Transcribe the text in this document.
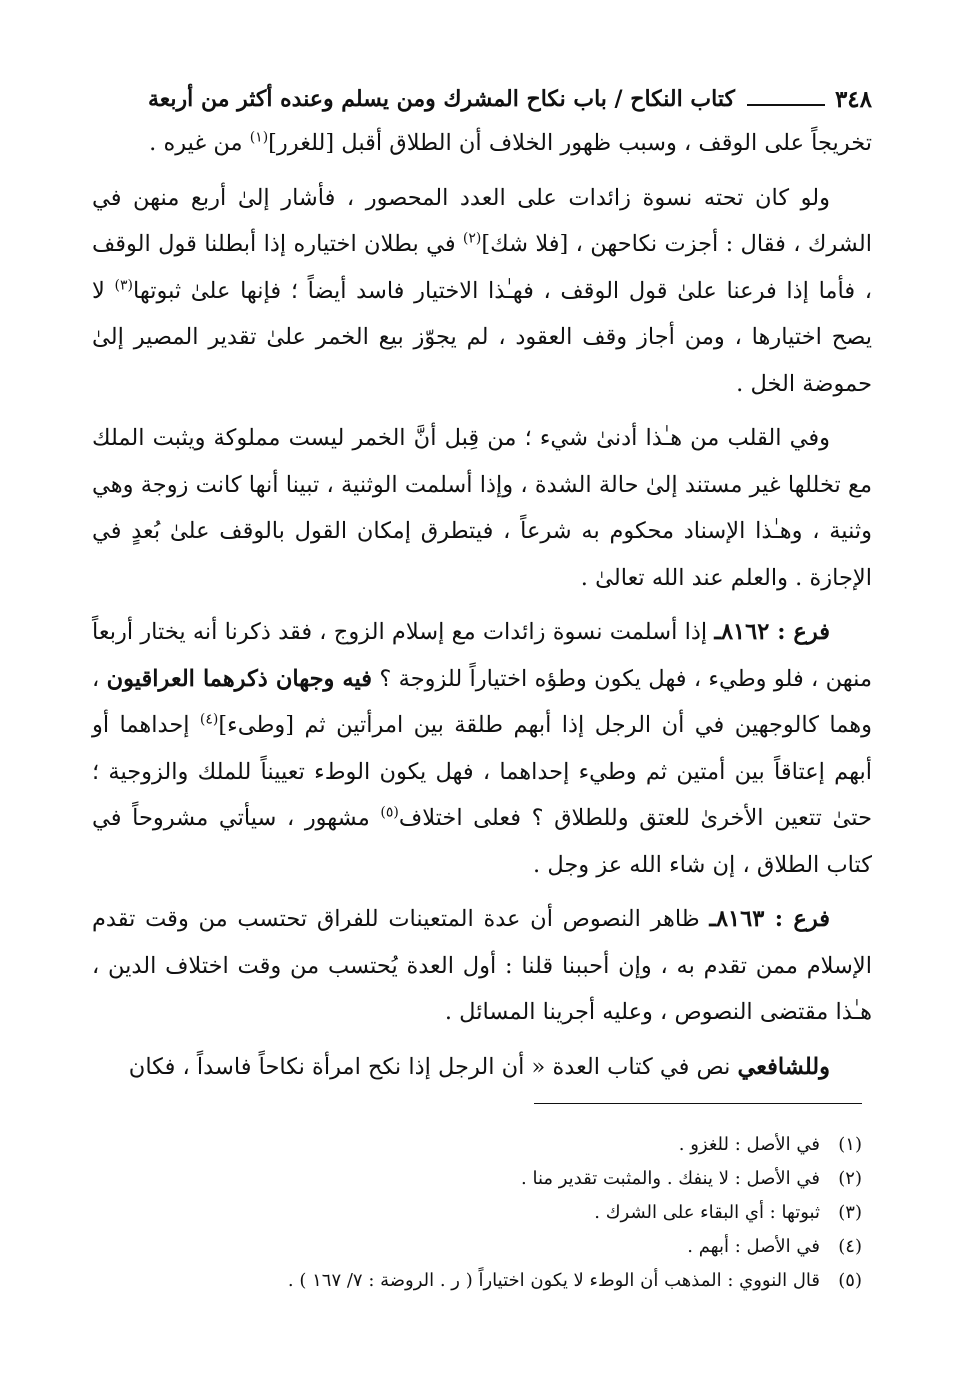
٣٤٨
كتاب النكاح / باب نكاح المشرك ومن يسلم وعنده أكثر من أربعة

تخريجاً على الوقف ، وسبب ظهور الخلاف أن الطلاق أقبل [للغرر]$^{(١)}$ من غيره .

ولو كان تحته نسوة زائدات على العدد المحصور ، فأشار إلىٰ أربع منهن في الشرك ، فقال : أجزت نكاحهن ، [فلا شك]$^{(٢)}$ في بطلان اختياره إذا أبطلنا قول الوقف ، فأما إذا فرعنا علىٰ قول الوقف ، فهـٰذا الاختيار فاسد أيضاً ؛ فإنها علىٰ ثبوتها$^{(٣)}$ لا يصح اختيارها ، ومن أجاز وقف العقود ، لم يجوّز بيع الخمر علىٰ تقدير المصير إلىٰ حموضة الخل .

وفي القلب من هـٰذا أدنىٰ شيء ؛ من قِبل أنَّ الخمر ليست مملوكة ويثبت الملك مع تخللها غير مستند إلىٰ حالة الشدة ، وإذا أسلمت الوثنية ، تبينا أنها كانت زوجة وهي وثنية ، وهـٰذا الإسناد محكوم به شرعاً ، فيتطرق إمكان القول بالوقف علىٰ بُعدٍ في الإجازة . والعلم عند الله تعالىٰ .

فرع : ٨١٦٢ـ إذا أسلمت نسوة زائدات مع إسلام الزوج ، فقد ذكرنا أنه يختار أربعاً منهن ، فلو وطيء ، فهل يكون وطؤه اختياراً للزوجة ؟ فيه وجهان ذكرهما العراقيون ، وهما كالوجهين في أن الرجل إذا أبهم طلقة بين امرأتين ثم [وطىء]$^{(٤)}$ إحداهما أو أبهم إعتاقاً بين أمتين ثم وطيء إحداهما ، فهل يكون الوطء تعييناً للملك والزوجية ؛ حتىٰ تتعين الأخرىٰ للعتق وللطلاق ؟ فعلى اختلاف$^{(٥)}$ مشهور ، سيأتي مشروحاً في كتاب الطلاق ، إن شاء الله عز وجل .

فرع : ٨١٦٣ـ ظاهر النصوص أن عدة المتعينات للفراق تحتسب من وقت تقدم الإسلام ممن تقدم به ، وإن أحببنا قلنا : أول العدة يُحتسب من وقت اختلاف الدين ، هـٰذا مقتضى النصوص ، وعليه أجرينا المسائل .

وللشافعي نص في كتاب العدة « أن الرجل إذا نكح امرأة نكاحاً فاسداً ، فكان

(١)
في الأصل : للغزو .
(٢)
في الأصل : لا ينفك . والمثبت تقدير منا .
(٣)
ثبوتها : أي البقاء على الشرك .
(٤)
في الأصل : أبهم .
(٥)
قال النووي : المذهب أن الوطء لا يكون اختياراً ( ر . الروضة : ٧/ ١٦٧ ) .
